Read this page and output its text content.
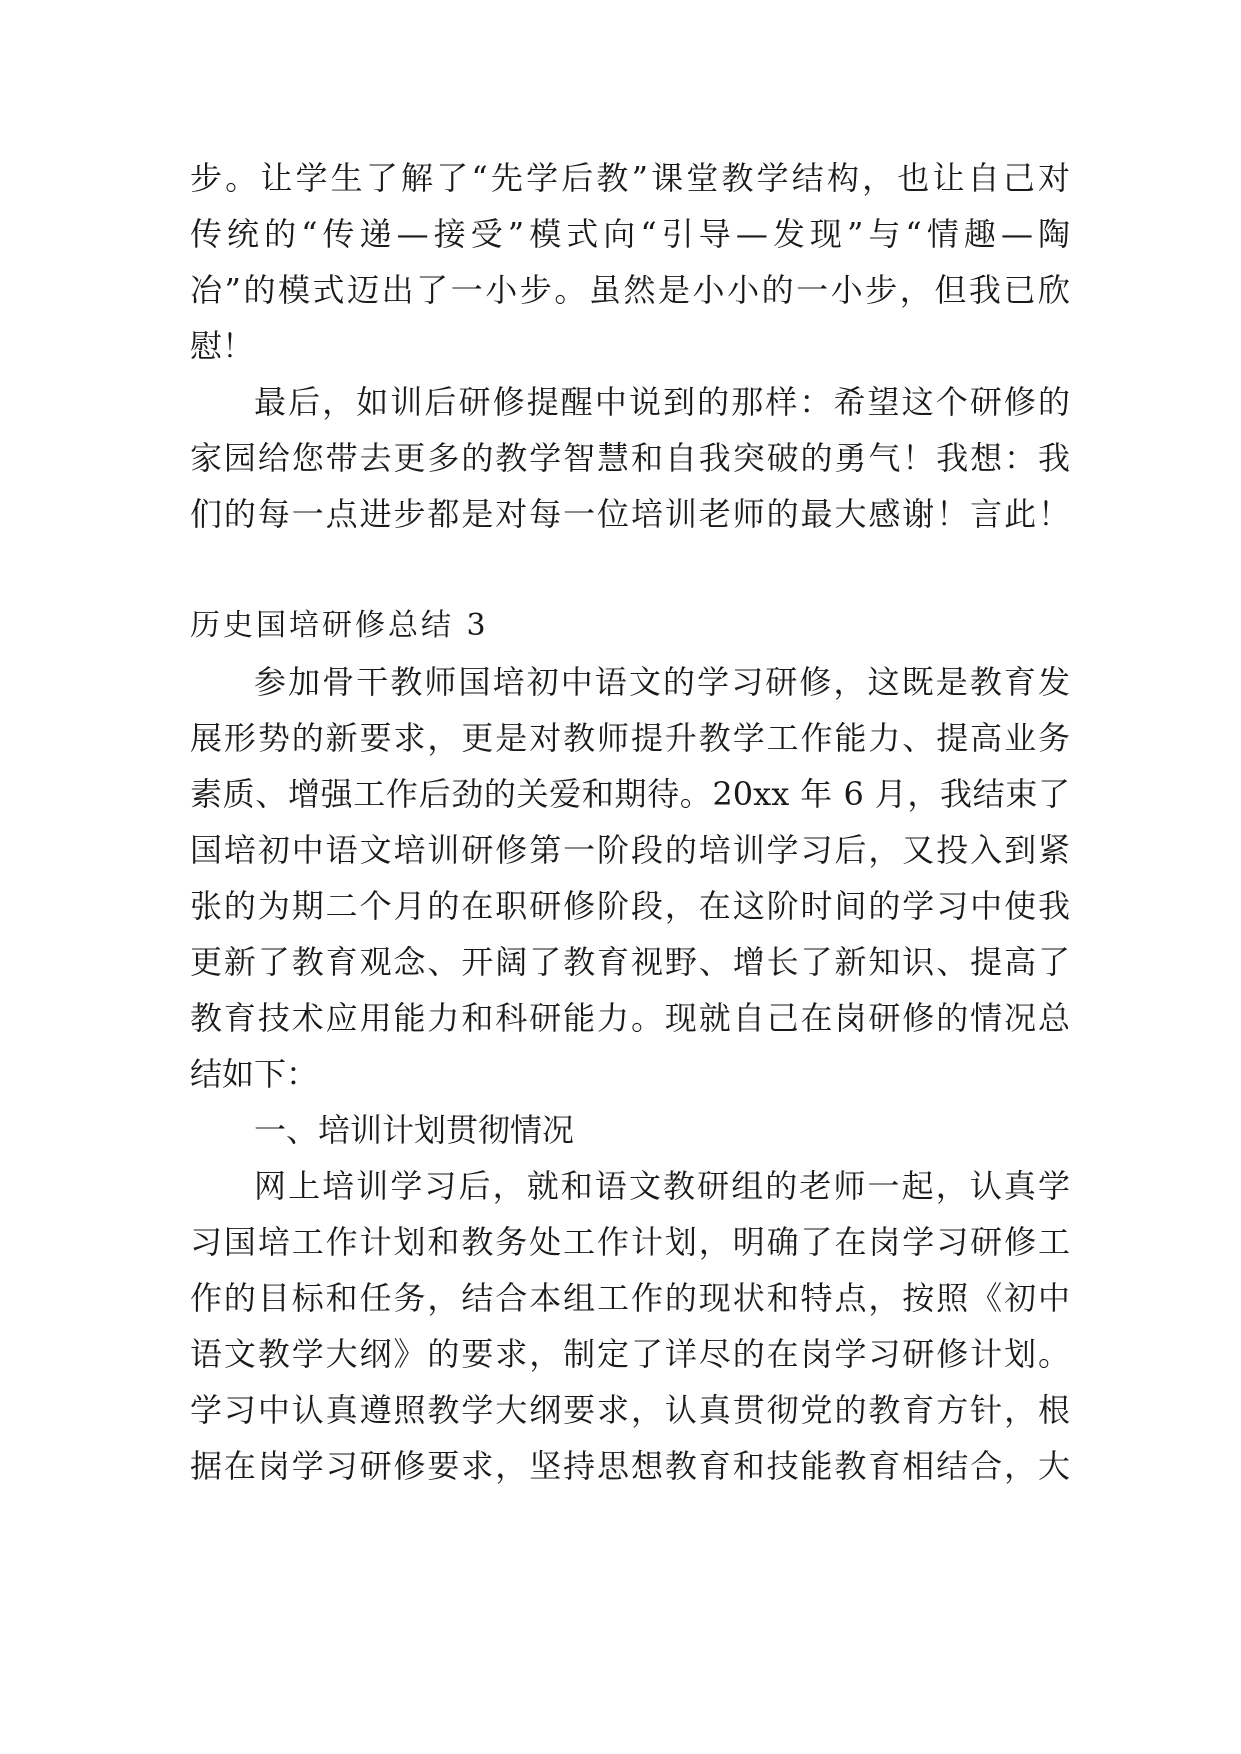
步。让学生了解了“先学后教”课堂教学结构，也让自己对
传统的“传递—接受”模式向“引导—发现”与“情趣—陶
冶”的模式迈出了一小步。虽然是小小的一小步，但我已欣
慰！
最后，如训后研修提醒中说到的那样：希望这个研修的
家园给您带去更多的教学智慧和自我突破的勇气！我想：我
们的每一点进步都是对每一位培训老师的最大感谢！言此！
历史国培研修总结 3
参加骨干教师国培初中语文的学习研修，这既是教育发
展形势的新要求，更是对教师提升教学工作能力、提高业务
素质、增强工作后劲的关爱和期待。20xx 年 6 月，我结束了
国培初中语文培训研修第一阶段的培训学习后，又投入到紧
张的为期二个月的在职研修阶段，在这阶时间的学习中使我
更新了教育观念、开阔了教育视野、增长了新知识、提高了
教育技术应用能力和科研能力。现就自己在岗研修的情况总
结如下：
一、培训计划贯彻情况
网上培训学习后，就和语文教研组的老师一起，认真学
习国培工作计划和教务处工作计划，明确了在岗学习研修工
作的目标和任务，结合本组工作的现状和特点，按照《初中
语文教学大纲》的要求，制定了详尽的在岗学习研修计划。
学习中认真遵照教学大纲要求，认真贯彻党的教育方针，根
据在岗学习研修要求，坚持思想教育和技能教育相结合，大
